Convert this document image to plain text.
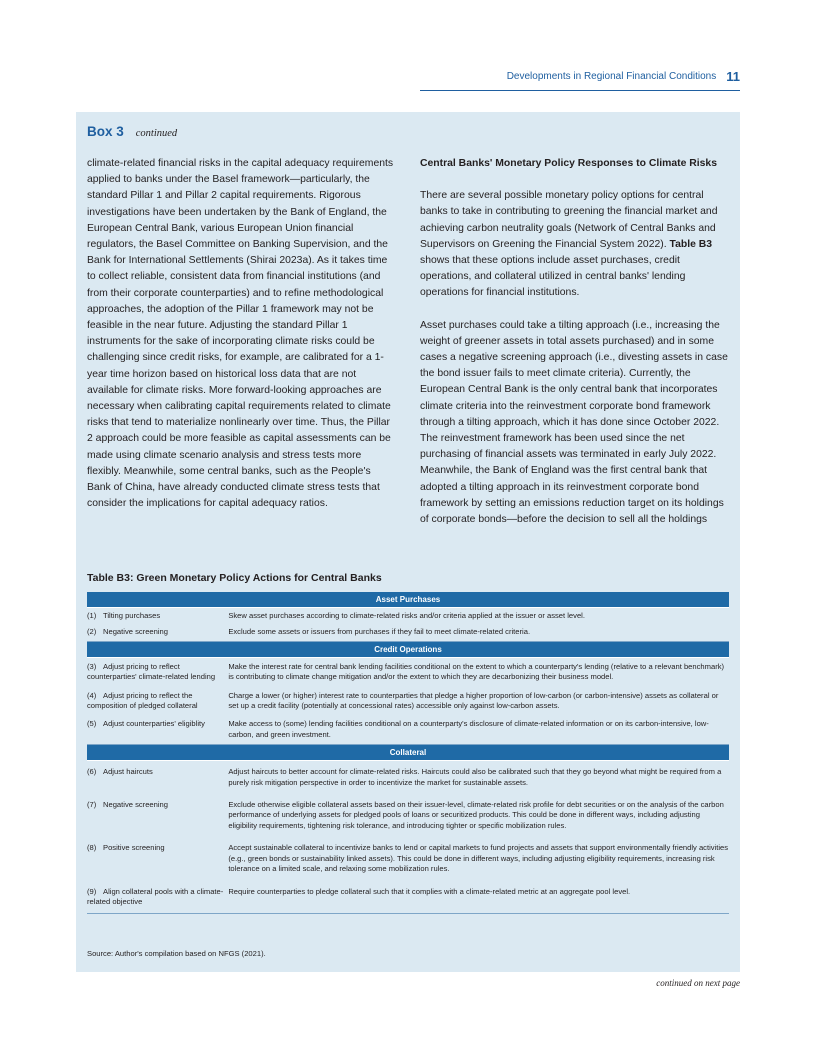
Developments in Regional Financial Conditions 11
Box 3 continued

climate-related financial risks in the capital adequacy requirements applied to banks under the Basel framework—particularly, the standard Pillar 1 and Pillar 2 capital requirements. Rigorous investigations have been undertaken by the Bank of England, the European Central Bank, various European Union financial regulators, the Basel Committee on Banking Supervision, and the Bank for International Settlements (Shirai 2023a). As it takes time to collect reliable, consistent data from financial institutions (and from their corporate counterparties) and to refine methodological approaches, the adoption of the Pillar 1 framework may not be feasible in the near future. Adjusting the standard Pillar 1 instruments for the sake of incorporating climate risks could be challenging since credit risks, for example, are calibrated for a 1-year time horizon based on historical loss data that are not available for climate risks. More forward-looking approaches are necessary when calibrating capital requirements related to climate risks that tend to materialize nonlinearly over time. Thus, the Pillar 2 approach could be more feasible as capital assessments can be made using climate scenario analysis and stress tests more flexibly. Meanwhile, some central banks, such as the People's Bank of China, have already conducted climate stress tests that consider the implications for capital adequacy ratios.

Central Banks' Monetary Policy Responses to Climate Risks

There are several possible monetary policy options for central banks to take in contributing to greening the financial market and achieving carbon neutrality goals (Network of Central Banks and Supervisors on Greening the Financial System 2022). Table B3 shows that these options include asset purchases, credit operations, and collateral utilized in central banks' lending operations for financial institutions.

Asset purchases could take a tilting approach (i.e., increasing the weight of greener assets in total assets purchased) and in some cases a negative screening approach (i.e., divesting assets in case the bond issuer fails to meet climate criteria). Currently, the European Central Bank is the only central bank that incorporates climate criteria into the reinvestment corporate bond framework through a tilting approach, which it has done since October 2022. The reinvestment framework has been used since the net purchasing of financial assets was terminated in early July 2022. Meanwhile, the Bank of England was the first central bank that adopted a tilting approach in its reinvestment corporate bond framework by setting an emissions reduction target on its holdings of corporate bonds—before the decision to sell all the holdings

Table B3: Green Monetary Policy Actions for Central Banks
Asset Purchases	
(1) Tilting purchases	Skew asset purchases according to climate-related risks and/or criteria applied at the issuer or asset level.
(2) Negative screening	Exclude some assets or issuers from purchases if they fail to meet climate-related criteria.
Credit Operations	
(3) Adjust pricing to reflect counterparties' climate-related lending	Make the interest rate for central bank lending facilities conditional on the extent to which a counterparty's lending (relative to a relevant benchmark) is contributing to climate change mitigation and/or the extent to which they are decarbonizing their business model.
(4) Adjust pricing to reflect the composition of pledged collateral	Charge a lower (or higher) interest rate to counterparties that pledge a higher proportion of low-carbon (or carbon-intensive) assets as collateral or set up a credit facility (potentially at concessional rates) accessible only against low-carbon assets.
(5) Adjust counterparties' eligiblity	Make access to (some) lending facilities conditional on a counterparty's disclosure of climate-related information or on its carbon-intensive, low-carbon, and green investment.
Collateral	
(6) Adjust haircuts	Adjust haircuts to better account for climate-related risks. Haircuts could also be calibrated such that they go beyond what might be required from a purely risk mitigation perspective in order to incentivize the market for sustainable assets.
(7) Negative screening	Exclude otherwise eligible collateral assets based on their issuer-level, climate-related risk profile for debt securities or on the analysis of the carbon performance of underlying assets for pledged pools of loans or securitized products. This could be done in different ways, including adjusting eligibility requirements, tightening risk tolerance, and introducing tighter or specific mobilization rules.
(8) Positive screening	Accept sustainable collateral to incentivize banks to lend or capital markets to fund projects and assets that support environmentally friendly activities (e.g., green bonds or sustainability linked assets). This could be done in different ways, including adjusting eligibility requirements, increasing risk tolerance on a limited scale, and relaxing some mobilization rules.
(9) Align collateral pools with a climate-related objective	Require counterparties to pledge collateral such that it complies with a climate-related metric at an aggregate pool level.
Source: Author's compilation based on NFGS (2021).
continued on next page
